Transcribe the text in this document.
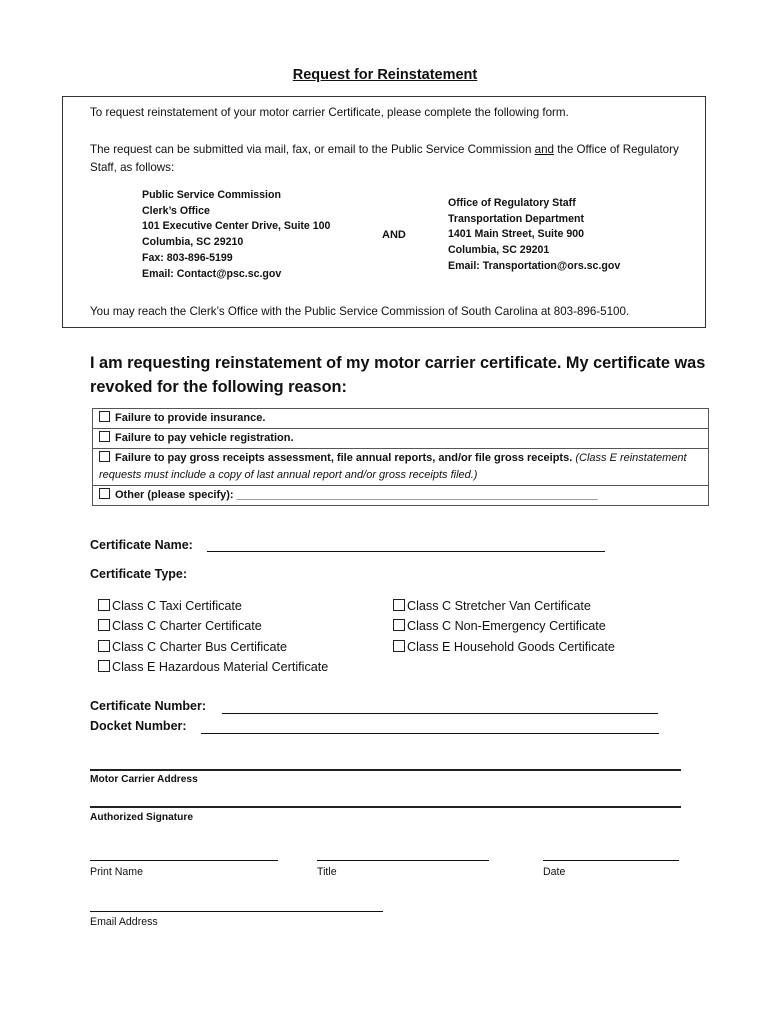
Request for Reinstatement
To request reinstatement of your motor carrier Certificate, please complete the following form.
The request can be submitted via mail, fax, or email to the Public Service Commission and the Office of Regulatory Staff, as follows:
Public Service Commission
Clerk’s Office
101 Executive Center Drive, Suite 100
Columbia, SC 29210
Fax: 803-896-5199
Email: Contact@psc.sc.gov
AND
Office of Regulatory Staff
Transportation Department
1401 Main Street, Suite 900
Columbia, SC 29201
Email: Transportation@ors.sc.gov
You may reach the Clerk’s Office with the Public Service Commission of South Carolina at 803-896-5100.
I am requesting reinstatement of my motor carrier certificate. My certificate was revoked for the following reason:
Failure to provide insurance.
Failure to pay vehicle registration.
Failure to pay gross receipts assessment, file annual reports, and/or file gross receipts. (Class E reinstatement requests must include a copy of last annual report and/or gross receipts filed.)
Other (please specify): ___________________________________________________________
Certificate Name:
Certificate Type:
Class C Taxi Certificate
Class C Charter Certificate
Class C Charter Bus Certificate
Class E Hazardous Material Certificate
Class C Stretcher Van Certificate
Class C Non-Emergency Certificate
Class E Household Goods Certificate
Certificate Number:
Docket Number:
Motor Carrier Address
Authorized Signature
Print Name	Title	Date
Email Address
